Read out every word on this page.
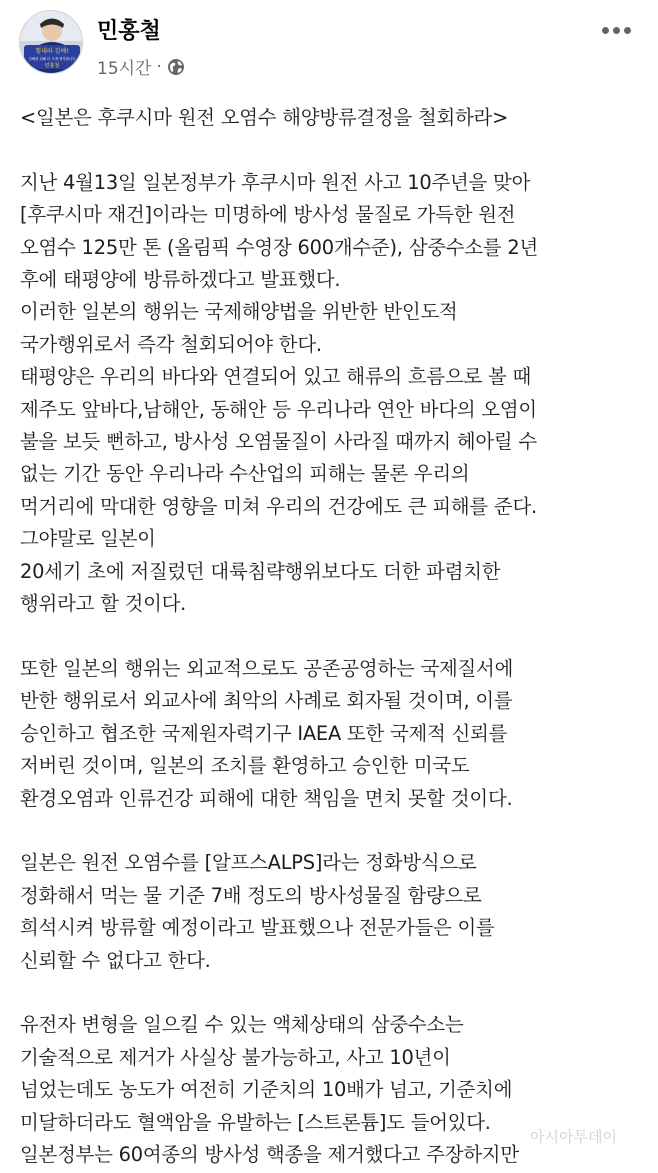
힘내라 김해!
김해를 위해 더 크게 생각합니다
민홍철
민홍철
15시간 ·
<일본은 후쿠시마 원전 오염수 해양방류결정을 철회하라>
지난 4월13일 일본정부가 후쿠시마 원전 사고 10주년을 맞아
[후쿠시마 재건]이라는 미명하에 방사성 물질로 가득한 원전
오염수 125만 톤 (올림픽 수영장 600개수준), 삼중수소를 2년
후에 태평양에 방류하겠다고 발표했다.
이러한 일본의 행위는 국제해양법을 위반한 반인도적
국가행위로서 즉각 철회되어야 한다.
태평양은 우리의 바다와 연결되어 있고 해류의 흐름으로 볼 때
제주도 앞바다,남해안, 동해안 등 우리나라 연안 바다의 오염이
불을 보듯 뻔하고, 방사성 오염물질이 사라질 때까지 헤아릴 수
없는 기간 동안 우리나라 수산업의 피해는 물론 우리의
먹거리에 막대한 영향을 미쳐 우리의 건강에도 큰 피해를 준다.
그야말로 일본이
20세기 초에 저질렀던 대륙침략행위보다도 더한 파렴치한
행위라고 할 것이다.
또한 일본의 행위는 외교적으로도 공존공영하는 국제질서에
반한 행위로서 외교사에 최악의 사례로 회자될 것이며, 이를
승인하고 협조한 국제원자력기구 IAEA 또한 국제적 신뢰를
저버린 것이며, 일본의 조치를 환영하고 승인한 미국도
환경오염과 인류건강 피해에 대한 책임을 면치 못할 것이다.
일본은 원전 오염수를 [알프스ALPS]라는 정화방식으로
정화해서 먹는 물 기준 7배 정도의 방사성물질 함량으로
희석시켜 방류할 예정이라고 발표했으나 전문가들은 이를
신뢰할 수 없다고 한다.
유전자 변형을 일으킬 수 있는 액체상태의 삼중수소는
기술적으로 제거가 사실상 불가능하고, 사고 10년이
넘었는데도 농도가 여전히 기준치의 10배가 넘고, 기준치에
미달하더라도 혈액암을 유발하는 [스트론튬]도 들어있다.
일본정부는 60여종의 방사성 핵종을 제거했다고 주장하지만
아시아투데이
